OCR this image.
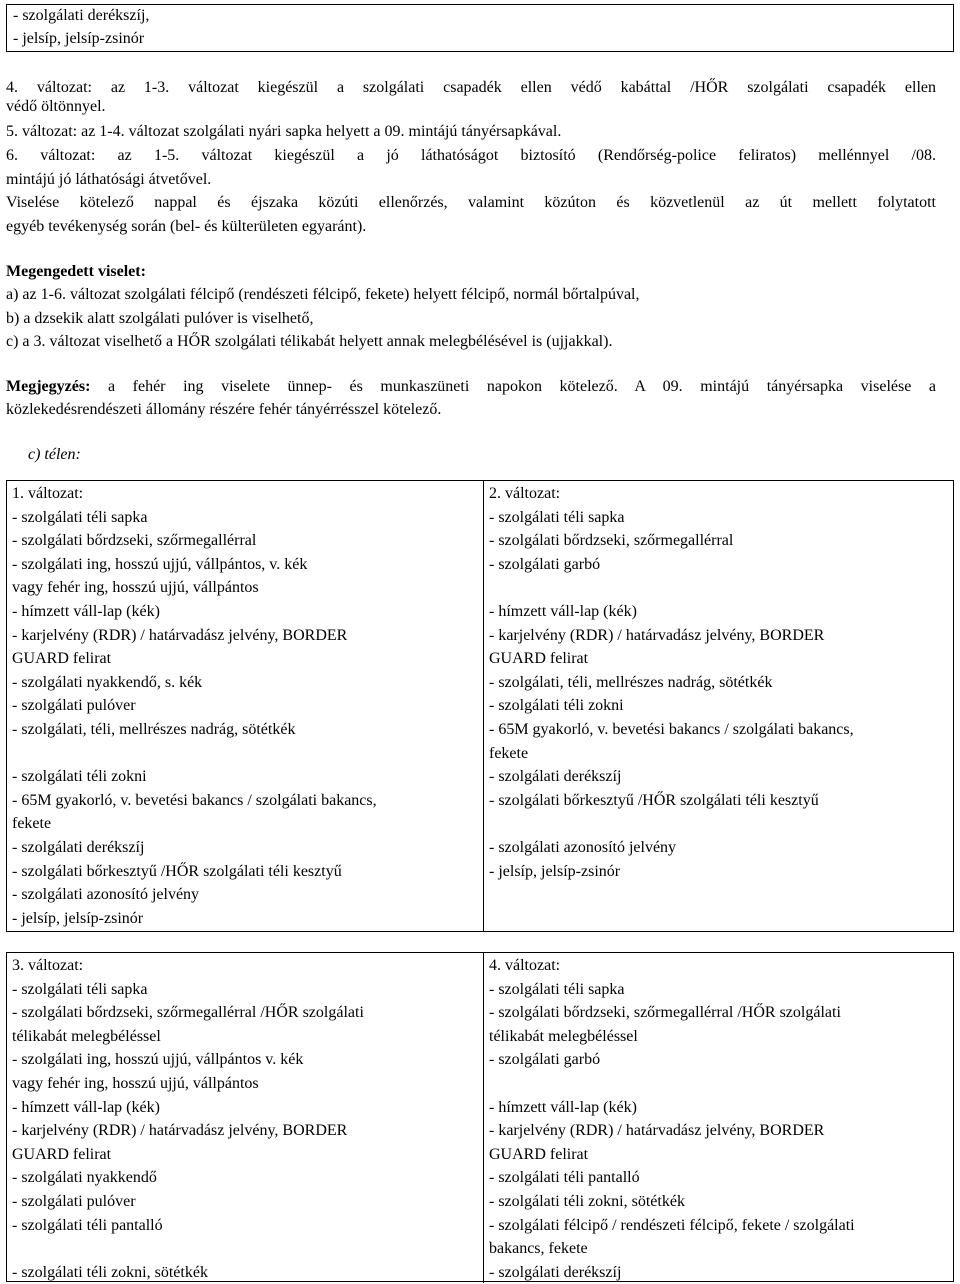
- szolgálati derékszíj,
- jelsíp, jelsíp-zsinór
4. változat: az 1-3. változat kiegészül a szolgálati csapadék ellen védő kabáttal /HŐR szolgálati csapadék ellen
védő öltönnyel.
5. változat: az 1-4. változat szolgálati nyári sapka helyett a 09. mintájú tányérsapkával.
6. változat: az 1-5. változat kiegészül a jó láthatóságot biztosító (Rendőrség-police feliratos) mellénnyel /08.
mintájú jó láthatósági átvetővel.
Viselése kötelező nappal és éjszaka közúti ellenőrzés, valamint közúton és közvetlenül az út mellett folytatott
egyéb tevékenység során (bel- és külterületen egyaránt).
Megengedett viselet:
a) az 1-6. változat szolgálati félcipő (rendészeti félcipő, fekete) helyett félcipő, normál bőrtalpúval,
b) a dzsekik alatt szolgálati pulóver is viselhető,
c) a 3. változat viselhető a HŐR szolgálati télikabát helyett annak melegbélésével is (ujjakkal).
Megjegyzés: a fehér ing viselete ünnep- és munkaszüneti napokon kötelező. A 09. mintájú tányérsapka viselése a
közlekedésrendészeti állomány részére fehér tányérrésszel kötelező.
c) télen:
1. változat:
- szolgálati téli sapka
- szolgálati bőrdzseki, szőrmegallérral
- szolgálati ing, hosszú ujjú, vállpántos, v. kék
vagy fehér ing, hosszú ujjú, vállpántos
- hímzett váll-lap (kék)
- karjelvény (RDR) / határvadász jelvény, BORDER
GUARD felirat
- szolgálati nyakkendő, s. kék
- szolgálati pulóver
- szolgálati, téli, mellrészes nadrág, sötétkék
- szolgálati téli zokni
- 65M gyakorló, v. bevetési bakancs / szolgálati bakancs,
fekete
- szolgálati derékszíj
- szolgálati bőrkesztyű /HŐR szolgálati téli kesztyű
- szolgálati azonosító jelvény
- jelsíp, jelsíp-zsinór
2. változat:
- szolgálati téli sapka
- szolgálati bőrdzseki, szőrmegallérral
- szolgálati garbó
- hímzett váll-lap (kék)
- karjelvény (RDR) / határvadász jelvény, BORDER
GUARD felirat
- szolgálati, téli, mellrészes nadrág, sötétkék
- szolgálati téli zokni
- 65M gyakorló, v. bevetési bakancs / szolgálati bakancs,
fekete
- szolgálati derékszíj
- szolgálati bőrkesztyű /HŐR szolgálati téli kesztyű
- szolgálati azonosító jelvény
- jelsíp, jelsíp-zsinór
3. változat:
- szolgálati téli sapka
- szolgálati bőrdzseki, szőrmegallérral /HŐR szolgálati
télikabát melegbéléssel
- szolgálati ing, hosszú ujjú, vállpántos v. kék
vagy fehér ing, hosszú ujjú, vállpántos
- hímzett váll-lap (kék)
- karjelvény (RDR) / határvadász jelvény, BORDER
GUARD felirat
- szolgálati nyakkendő
- szolgálati pulóver
- szolgálati téli pantalló
- szolgálati téli zokni, sötétkék
4. változat:
- szolgálati téli sapka
- szolgálati bőrdzseki, szőrmegallérral /HŐR szolgálati
télikabát melegbéléssel
- szolgálati garbó
- hímzett váll-lap (kék)
- karjelvény (RDR) / határvadász jelvény, BORDER
GUARD felirat
- szolgálati téli pantalló
- szolgálati téli zokni, sötétkék
- szolgálati félcipő / rendészeti félcipő, fekete / szolgálati
bakancs, fekete
- szolgálati derékszíj
